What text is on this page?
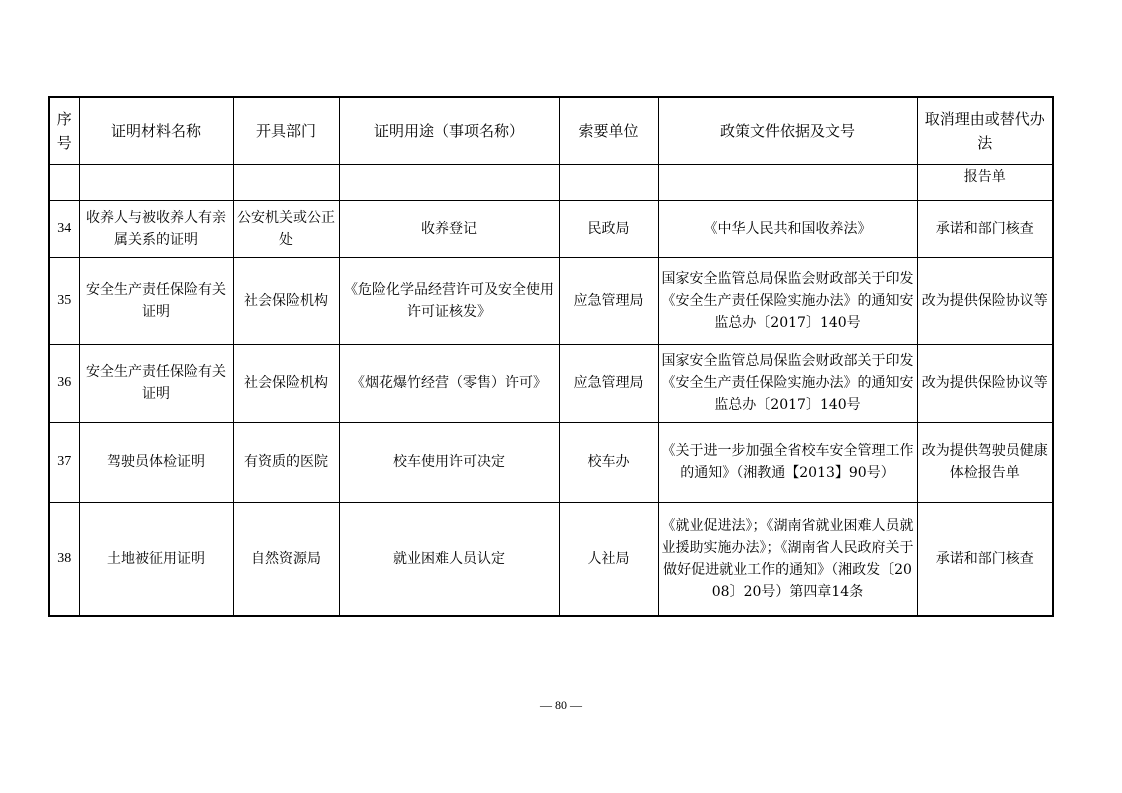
序号	证明材料名称	开具部门	证明用途（事项名称）	索要单位	政策文件依据及文号	取消理由或替代办法
						报告单
34	收养人与被收养人有亲属关系的证明	公安机关或公正处	收养登记	民政局	《中华人民共和国收养法》	承诺和部门核查
35	安全生产责任保险有关证明	社会保险机构	《危险化学品经营许可及安全使用许可证核发》	应急管理局	国家安全监管总局保监会财政部关于印发《安全生产责任保险实施办法》的通知安监总办〔2017〕140号	改为提供保险协议等
36	安全生产责任保险有关证明	社会保险机构	《烟花爆竹经营（零售）许可》	应急管理局	国家安全监管总局保监会财政部关于印发《安全生产责任保险实施办法》的通知安监总办〔2017〕140号	改为提供保险协议等
37	驾驶员体检证明	有资质的医院	校车使用许可决定	校车办	《关于进一步加强全省校车安全管理工作的通知》（湘教通【2013】90号）	改为提供驾驶员健康体检报告单
38	土地被征用证明	自然资源局	就业困难人员认定	人社局	《就业促进法》；《湖南省就业困难人员就业援助实施办法》；《湖南省人民政府关于做好促进就业工作的通知》（湘政发〔2008〕20号）第四章14条	承诺和部门核查
— 80 —
